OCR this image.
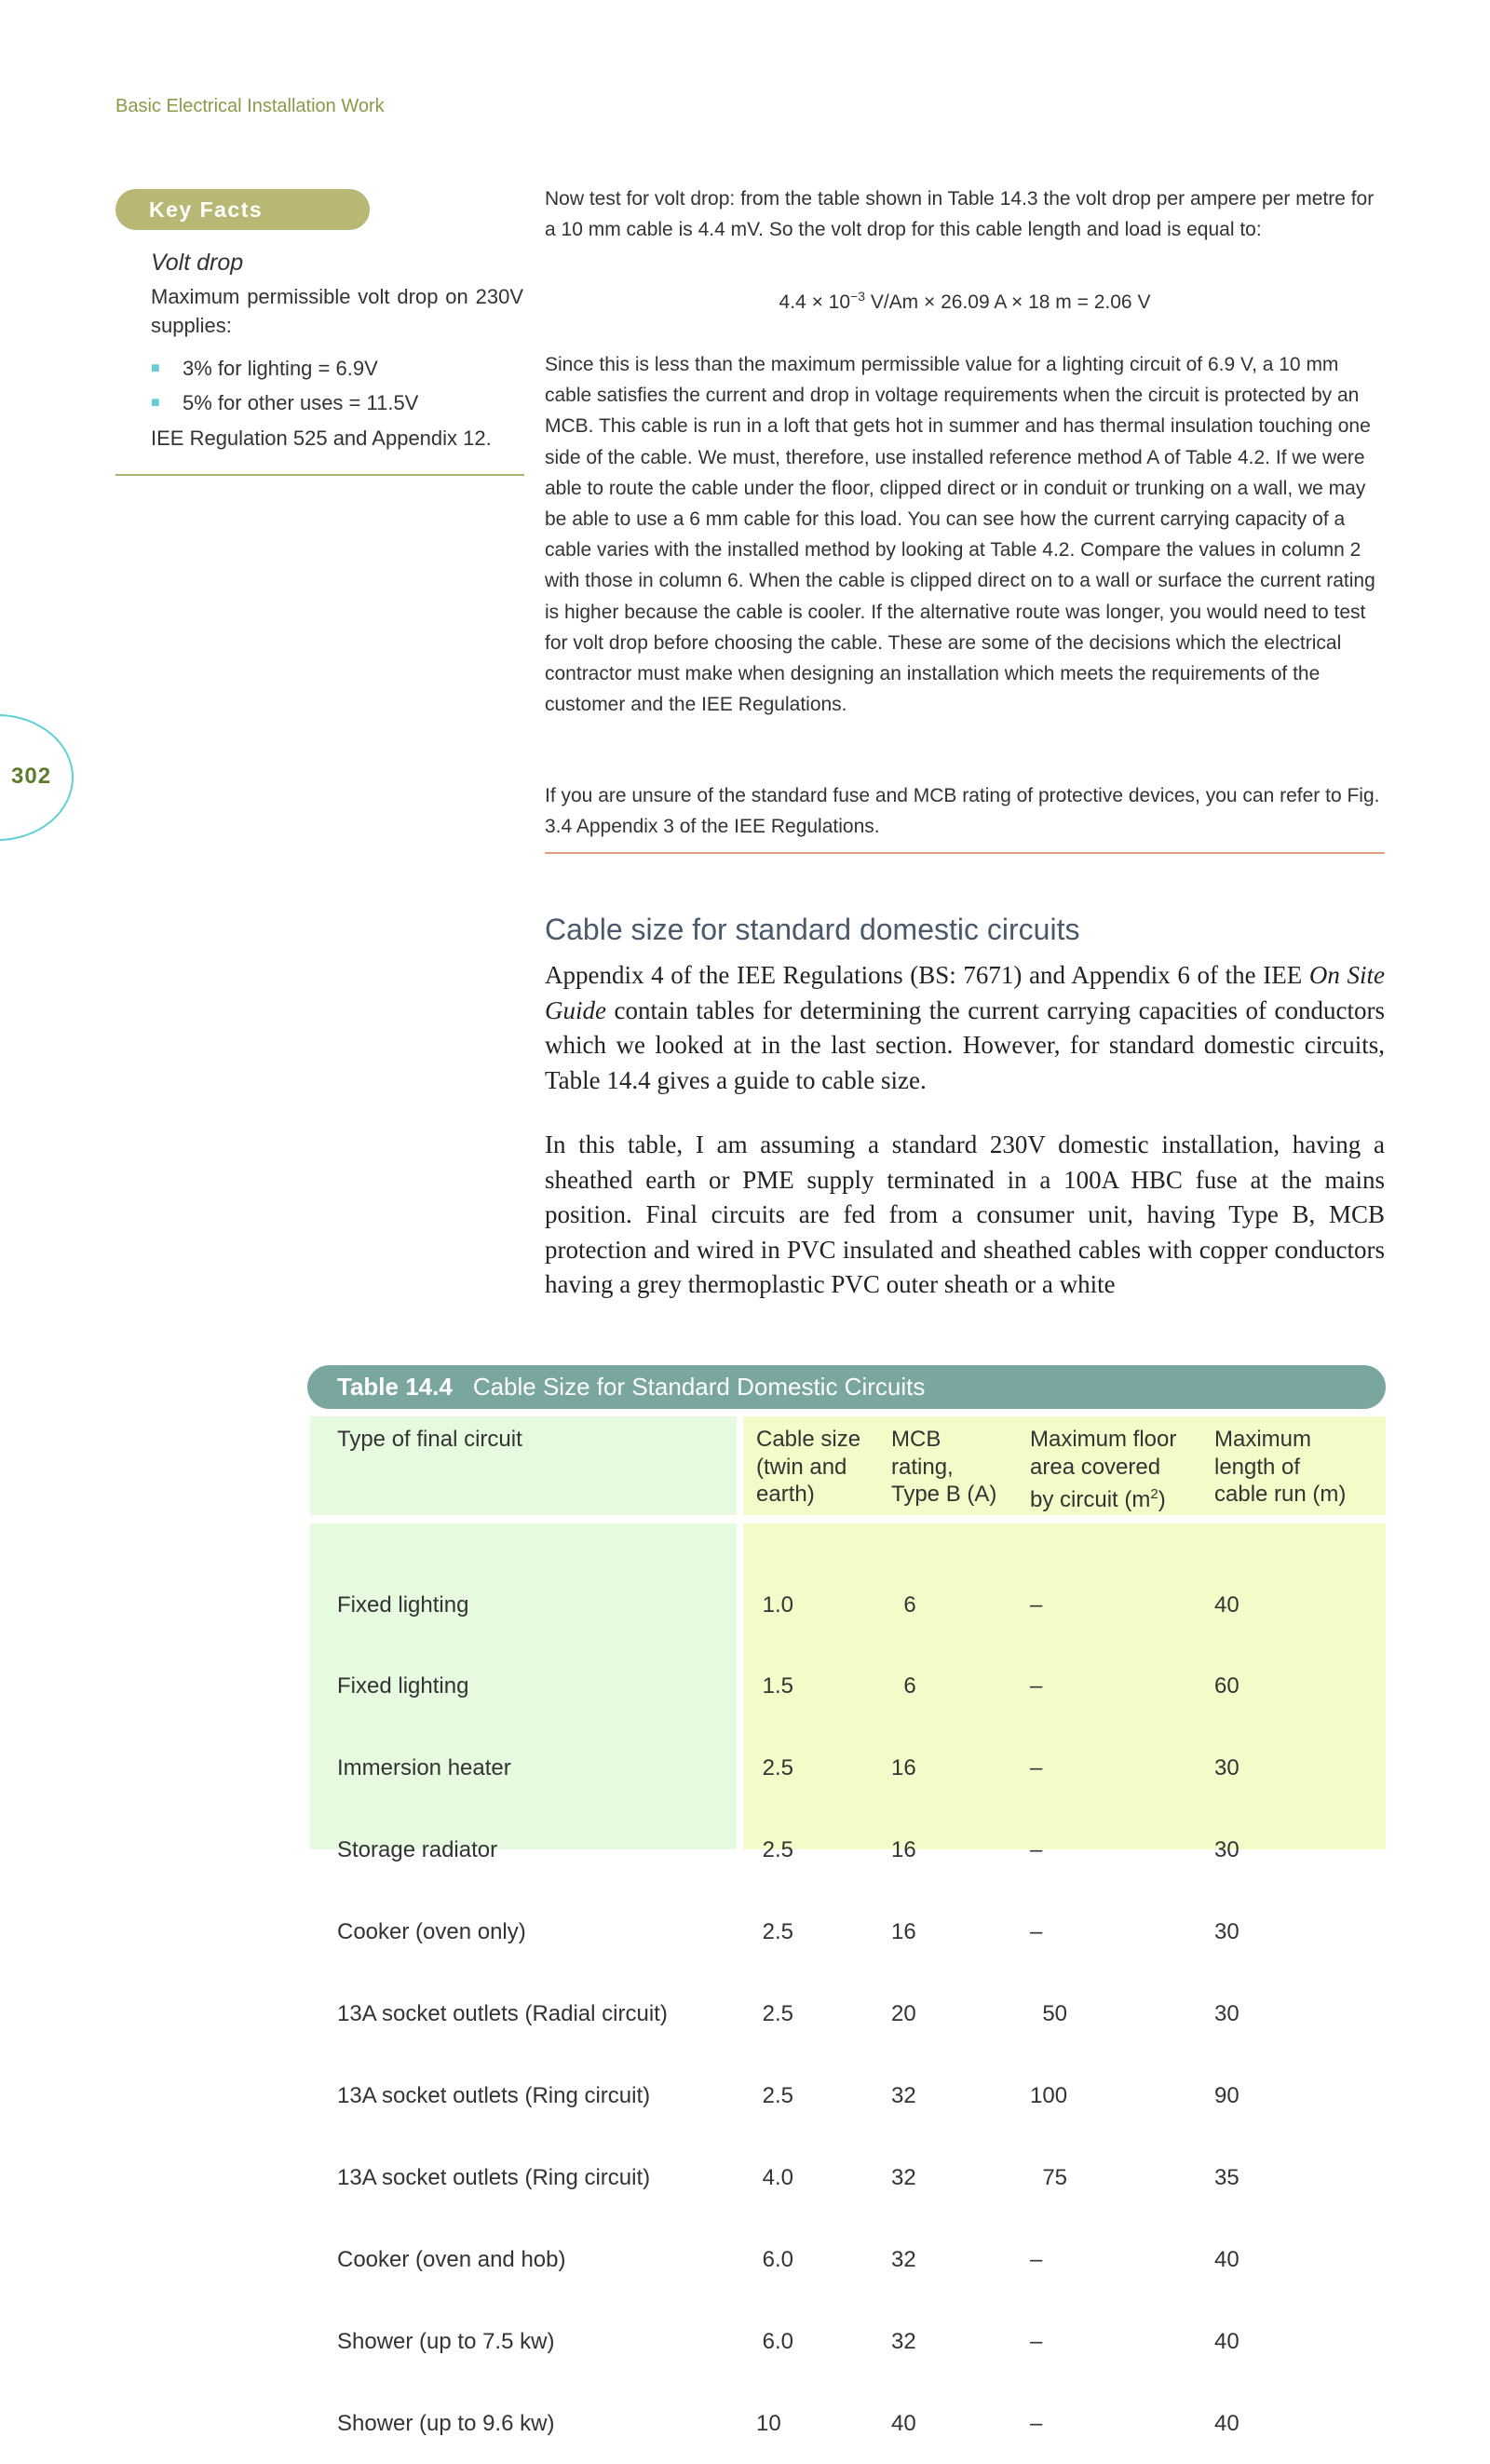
Basic Electrical Installation Work
Key Facts
Volt drop
Maximum permissible volt drop on 230V supplies:
■ 3% for lighting = 6.9V
■ 5% for other uses = 11.5V
IEE Regulation 525 and Appendix 12.
302

Now test for volt drop: from the table shown in Table 14.3 the volt drop per ampere per metre for a 10 mm cable is 4.4 mV. So the volt drop for this cable length and load is equal to:

$4.4 \times 10^{-3}$ V/Am × 26.09 A × 18 m = 2.06 V

Since this is less than the maximum permissible value for a lighting circuit of 6.9 V, a 10 mm cable satisfies the current and drop in voltage requirements when the circuit is protected by an MCB. This cable is run in a loft that gets hot in summer and has thermal insulation touching one side of the cable. We must, therefore, use installed reference method A of Table 4.2. If we were able to route the cable under the floor, clipped direct or in conduit or trunking on a wall, we may be able to use a 6 mm cable for this load. You can see how the current carrying capacity of a cable varies with the installed method by looking at Table 4.2. Compare the values in column 2 with those in column 6. When the cable is clipped direct on to a wall or surface the current rating is higher because the cable is cooler. If the alternative route was longer, you would need to test for volt drop before choosing the cable. These are some of the decisions which the electrical contractor must make when designing an installation which meets the requirements of the customer and the IEE Regulations.

If you are unsure of the standard fuse and MCB rating of protective devices, you can refer to Fig. 3.4 Appendix 3 of the IEE Regulations.

Cable size for standard domestic circuits

Appendix 4 of the IEE Regulations (BS: 7671) and Appendix 6 of the IEE On Site Guide contain tables for determining the current carrying capacities of conductors which we looked at in the last section. However, for standard domestic circuits, Table 14.4 gives a guide to cable size.

In this table, I am assuming a standard 230V domestic installation, having a sheathed earth or PME supply terminated in a 100A HBC fuse at the mains position. Final circuits are fed from a consumer unit, having Type B, MCB protection and wired in PVC insulated and sheathed cables with copper conductors having a grey thermoplastic PVC outer sheath or a white

Table 14.4 Cable Size for Standard Domestic Circuits
Type of final circuit	Cable size
(twin and
earth)
MCB
rating,
Type B (A)
Maximum floor
area covered
by circuit $(m^2)$
Maximum
length of
cable run (m)

Fixed lighting

Fixed lighting

Immersion heater

Storage radiator

Cooker (oven only)

13A socket outlets (Radial circuit)

13A socket outlets (Ring circuit)

13A socket outlets (Ring circuit)

Cooker (oven and hob)

Shower (up to 7.5 kw)

Shower (up to 9.6 kw)

1.0

1.5

2.5

2.5

2.5

2.5

2.5

4.0

6.0

6.0

10

6

6

16

16

16

20

32

32

32

32

40

–

–

–

–

–

50

100

75

–

–

–

40

60

30

30

30

30

90

35

40

40

40
